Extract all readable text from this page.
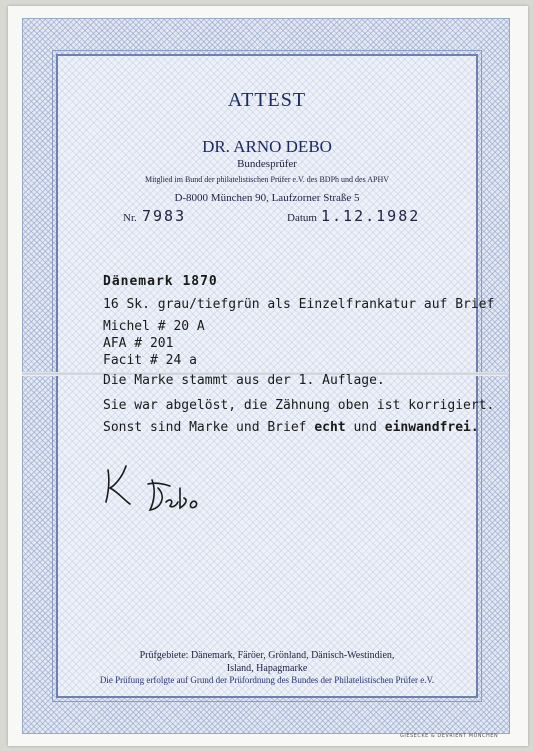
ATTEST
DR. ARNO DEBO
Bundesprüfer
Mitglied im Bund der philatelistischen Prüfer e.V. des BDPh und des APHV
D-8000 München 90, Laufzorner Straße 5
Nr. 7983	Datum 1.12.1982
Dänemark 1870
16 Sk. grau/tiefgrün als Einzelfrankatur auf Brief
Michel # 20 A
AFA # 201
Facit # 24 a
Die Marke stammt aus der 1. Auflage.
Sie war abgelöst, die Zähnung oben ist korrigiert.
Sonst sind Marke und Brief echt und einwandfrei.
Prüfgebiete: Dänemark, Färöer, Grönland, Dänisch-Westindien,
Island, Hapagmarke
Die Prüfung erfolgte auf Grund der Prüfordnung des Bundes der Philatelistischen Prüfer e.V.
GIESECKE & DEVRIENT MÜNCHEN
